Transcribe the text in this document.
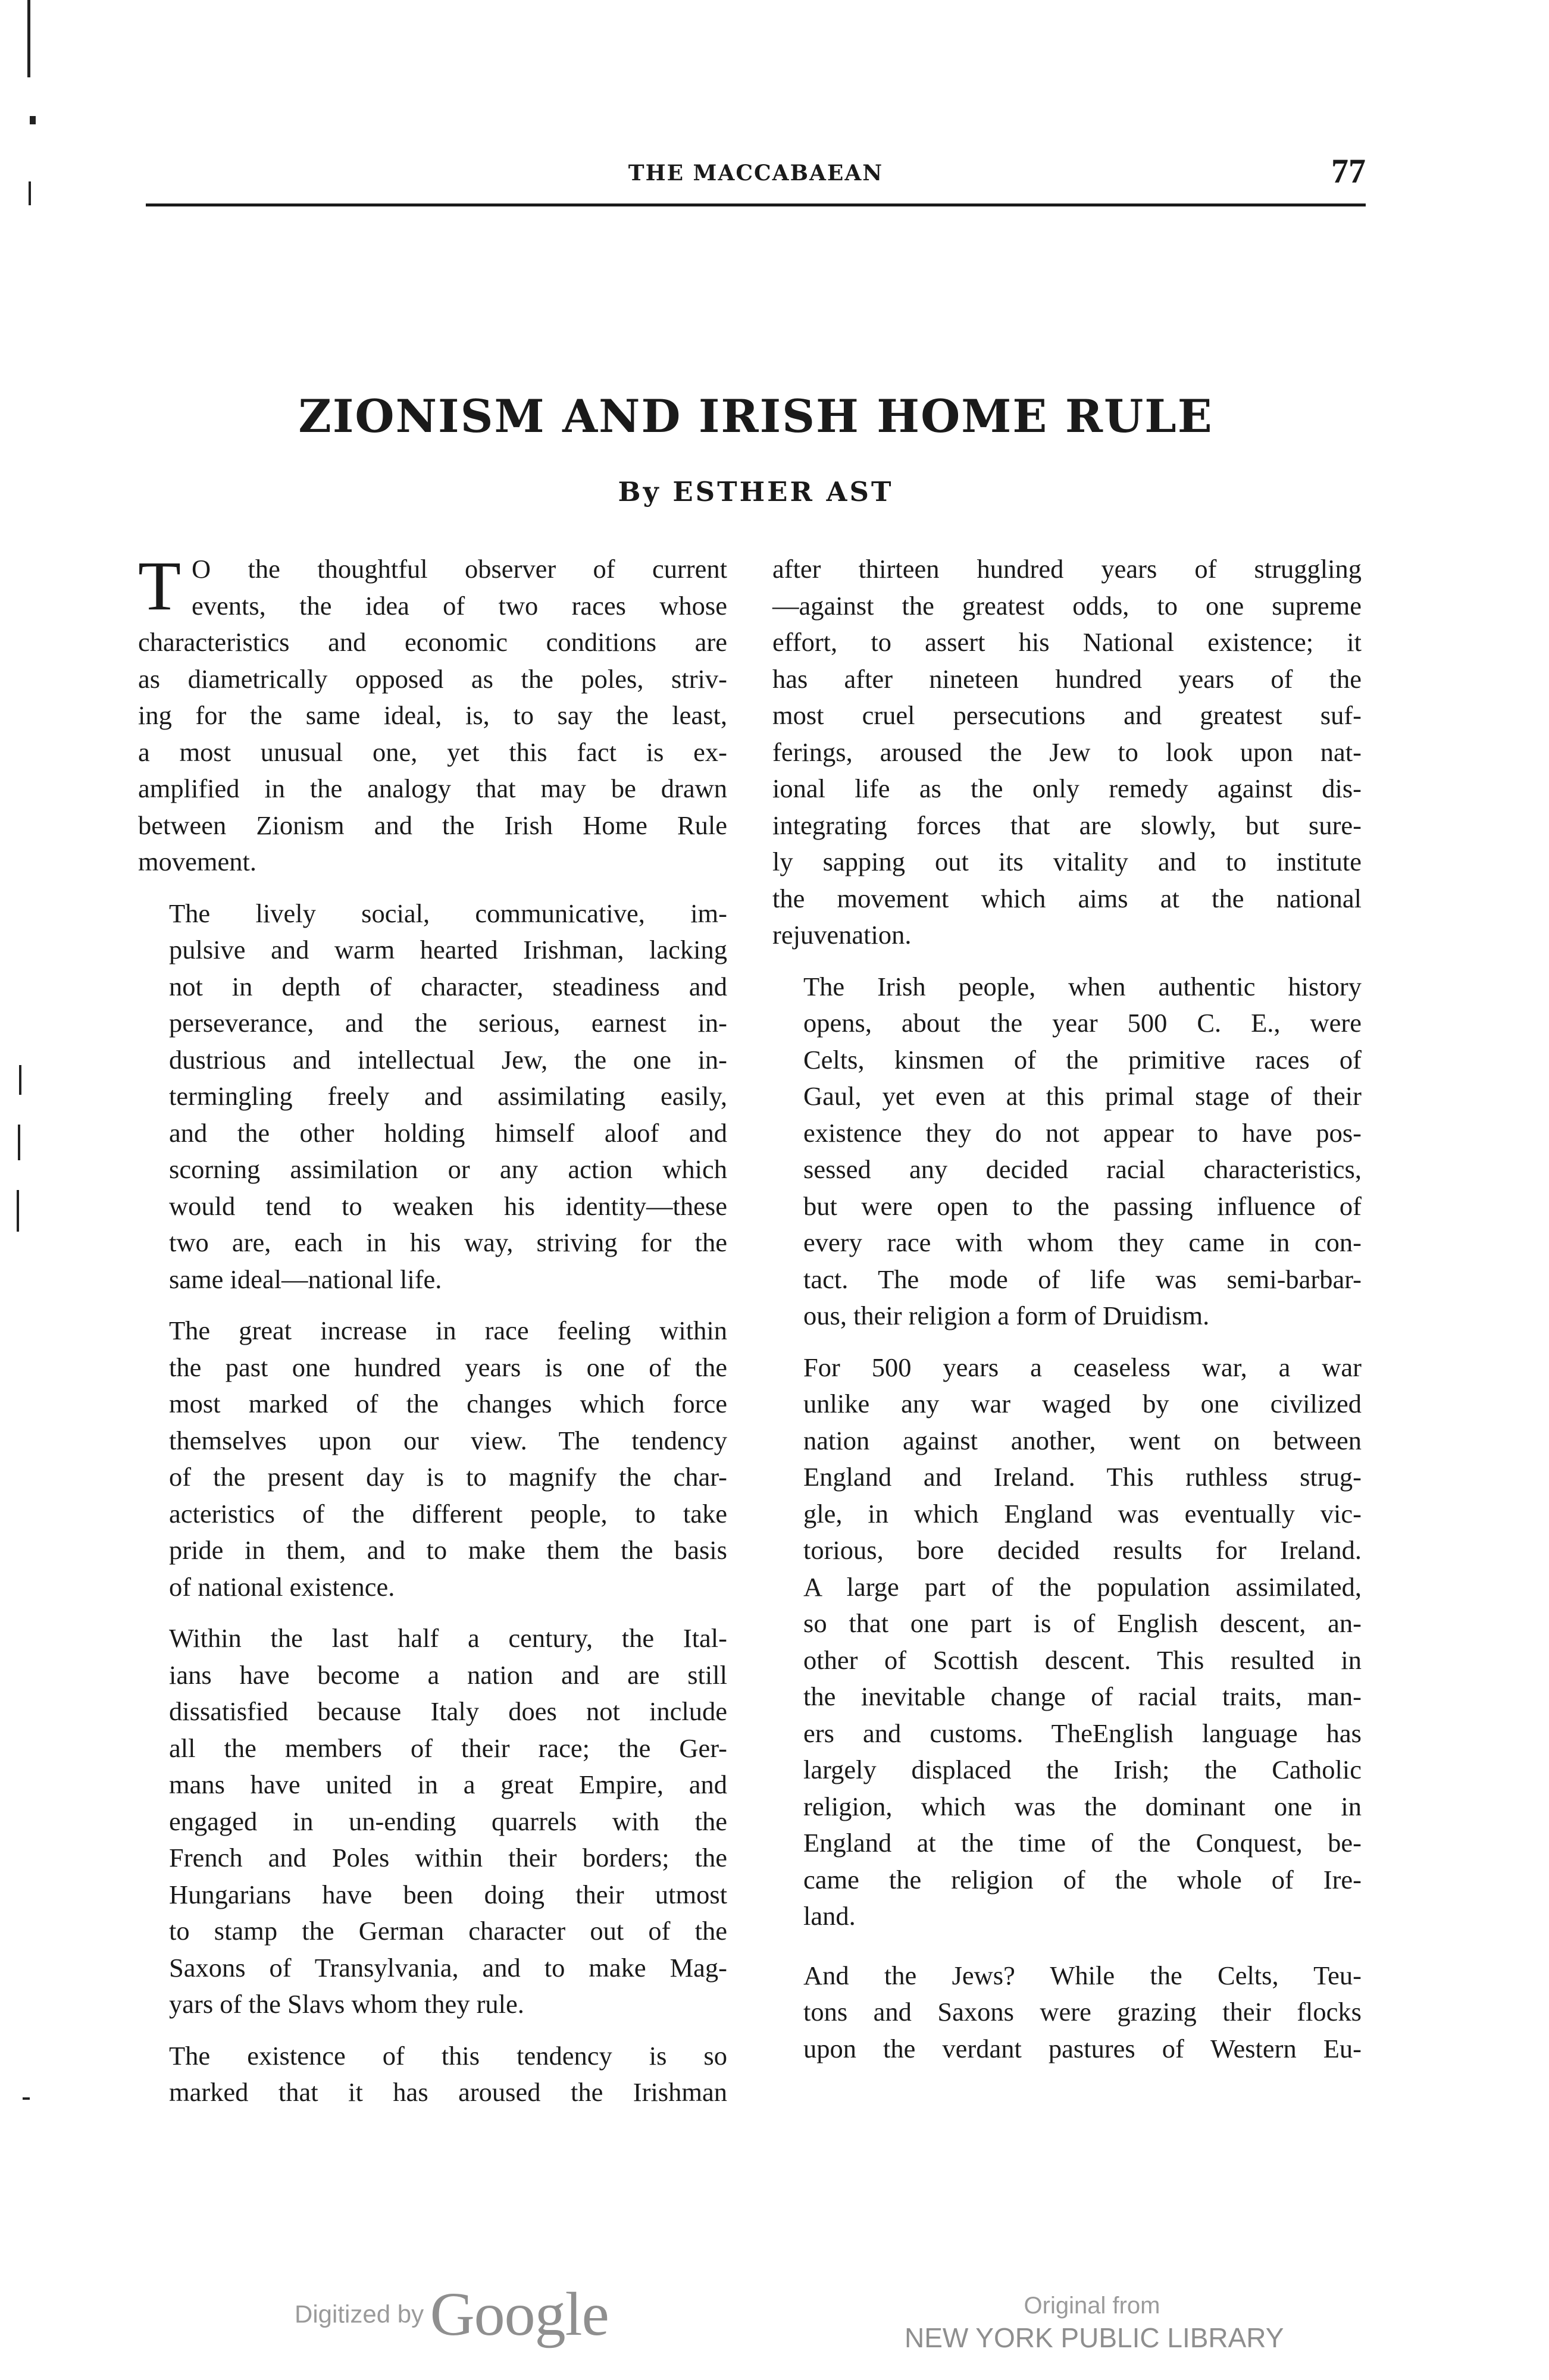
THE MACCABAEAN	77
ZIONISM AND IRISH HOME RULE
By ESTHER AST
T O the thoughtful observer of current
events, the idea of two races whose
characteristics and economic conditions are
as diametrically opposed as the poles, striv-
ing for the same ideal, is, to say the least,
a most unusual one, yet this fact is ex-
amplified in the analogy that may be drawn
between Zionism and the Irish Home Rule
movement.
The lively social, communicative, im-
pulsive and warm hearted Irishman, lacking
not in depth of character, steadiness and
perseverance, and the serious, earnest in-
dustrious and intellectual Jew, the one in-
termingling freely and assimilating easily,
and the other holding himself aloof and
scorning assimilation or any action which
would tend to weaken his identity—these
two are, each in his way, striving for the
same ideal—national life.
The great increase in race feeling within
the past one hundred years is one of the
most marked of the changes which force
themselves upon our view. The tendency
of the present day is to magnify the char-
acteristics of the different people, to take
pride in them, and to make them the basis
of national existence.
Within the last half a century, the Ital-
ians have become a nation and are still
dissatisfied because Italy does not include
all the members of their race; the Ger-
mans have united in a great Empire, and
engaged in un-ending quarrels with the
French and Poles within their borders; the
Hungarians have been doing their utmost
to stamp the German character out of the
Saxons of Transylvania, and to make Mag-
yars of the Slavs whom they rule.
The existence of this tendency is so
marked that it has aroused the Irishman
after thirteen hundred years of struggling
—against the greatest odds, to one supreme
effort, to assert his National existence; it
has after nineteen hundred years of the
most cruel persecutions and greatest suf-
ferings, aroused the Jew to look upon nat-
ional life as the only remedy against dis-
integrating forces that are slowly, but sure-
ly sapping out its vitality and to institute
the movement which aims at the national
rejuvenation.
The Irish people, when authentic history
opens, about the year 500 C. E., were
Celts, kinsmen of the primitive races of
Gaul, yet even at this primal stage of their
existence they do not appear to have pos-
sessed any decided racial characteristics,
but were open to the passing influence of
every race with whom they came in con-
tact. The mode of life was semi-barbar-
ous, their religion a form of Druidism.
For 500 years a ceaseless war, a war
unlike any war waged by one civilized
nation against another, went on between
England and Ireland. This ruthless strug-
gle, in which England was eventually vic-
torious, bore decided results for Ireland.
A large part of the population assimilated,
so that one part is of English descent, an-
other of Scottish descent. This resulted in
the inevitable change of racial traits, man-
ers and customs. TheEnglish language has
largely displaced the Irish; the Catholic
religion, which was the dominant one in
England at the time of the Conquest, be-
came the religion of the whole of Ire-
land.
And the Jews? While the Celts, Teu-
tons and Saxons were grazing their flocks
upon the verdant pastures of Western Eu-
Digitized by Google	Original from
NEW YORK PUBLIC LIBRARY
